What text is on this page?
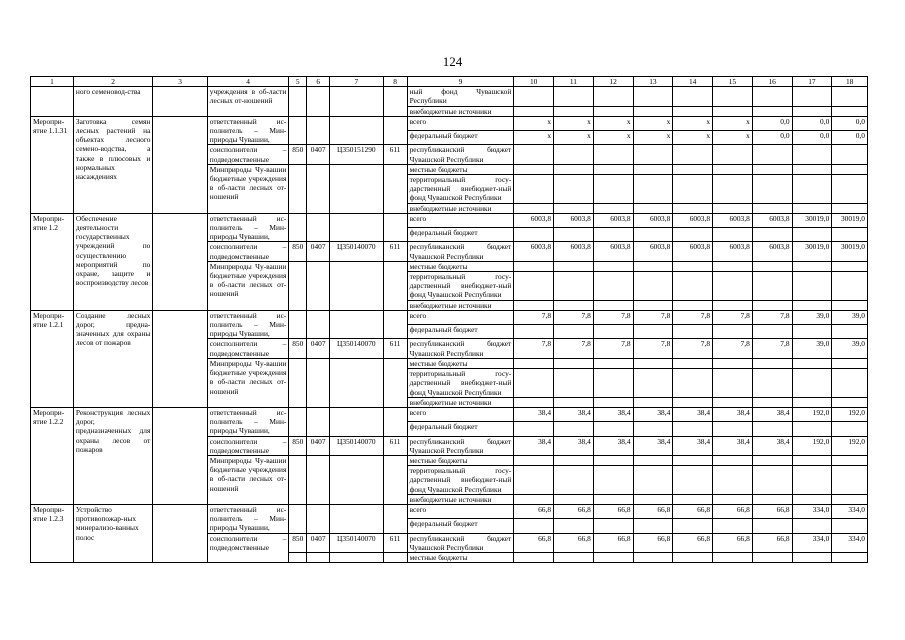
124
1	2	3	4	5	6	7	8	9	10	11	12	13	14	15	16	17	18
	ного семеновод-ства		учреждения в об-ласти лесных от-ношений					ный фонд Чувашской Республики									
								внебюджетные источники									
Меропри-ятие 1.1.31	Заготовка семян лесных растений на объектах лесного семено-водства, а также в плюсовых и нормальных насаждениях		ответственный ис-полнитель – Мин-природы Чувашии,					всего	х	х	х	х	х	х	0,0	0,0	0,0
								федеральный бюджет	х	х	х	х	х	х	0,0	0,0	0,0
			соисполнители – подведомственные	850	0407	Ц350151290	611	республиканский бюджет Чувашской Республики									
			Минприроды Чу-вашии бюджетные учреждения в об-ласти лесных от-ношений					местные бюджеты									
								территориальный госу-дарственный внебюджет-ный фонд Чувашской Республики									
								внебюджетные источники									
Меропри-ятие 1.2	Обеспечение деятельности государственных учреждений по осуществлению мероприятий по охране, защите и воспроизводству лесов		ответственный ис-полнитель – Мин-природы Чувашии,					всего	6003,8	6003,8	6003,8	6003,8	6003,8	6003,8	6003,8	30019,0	30019,0
								федеральный бюджет									
			соисполнители – подведомственные	850	0407	Ц350140070	611	республиканский бюджет Чувашской Республики	6003,8	6003,8	6003,8	6003,8	6003,8	6003,8	6003,8	30019,0	30019,0
			Минприроды Чу-вашии бюджетные учреждения в об-ласти лесных от-ношений					местные бюджеты									
								территориальный госу-дарственный внебюджет-ный фонд Чувашской Республики									
								внебюджетные источники									
Меропри-ятие 1.2.1	Создание лесных дорог, предна-значенных для охраны лесов от пожаров		ответственный ис-полнитель – Мин-природы Чувашии,					всего	7,8	7,8	7,8	7,8	7,8	7,8	7,8	39,0	39,0
								федеральный бюджет									
			соисполнители – подведомственные	850	0407	Ц350140070	611	республиканский бюджет Чувашской Республики	7,8	7,8	7,8	7,8	7,8	7,8	7,8	39,0	39,0
			Минприроды Чу-вашии бюджетные учреждения в об-ласти лесных от-ношений					местные бюджеты									
								территориальный госу-дарственный внебюджет-ный фонд Чувашской Республики									
								внебюджетные источники									
Меропри-ятие 1.2.2	Реконструкция лесных дорог, предназначенных для охраны лесов от пожаров		ответственный ис-полнитель – Мин-природы Чувашии,					всего	38,4	38,4	38,4	38,4	38,4	38,4	38,4	192,0	192,0
								федеральный бюджет									
			соисполнители – подведомственные	850	0407	Ц350140070	611	республиканский бюджет Чувашской Республики	38,4	38,4	38,4	38,4	38,4	38,4	38,4	192,0	192,0
			Минприроды Чу-вашии бюджетные учреждения в об-ласти лесных от-ношений					местные бюджеты									
								территориальный госу-дарственный внебюджет-ный фонд Чувашской Республики									
								внебюджетные источники									
Меропри-ятие 1.2.3	Устройство противопожар-ных минерализо-ванных полос		ответственный ис-полнитель – Мин-природы Чувашии,					всего	66,8	66,8	66,8	66,8	66,8	66,8	66,8	334,0	334,0
								федеральный бюджет									
			соисполнители – подведомственные	850	0407	Ц350140070	611	республиканский бюджет Чувашской Республики	66,8	66,8	66,8	66,8	66,8	66,8	66,8	334,0	334,0
								местные бюджеты									
